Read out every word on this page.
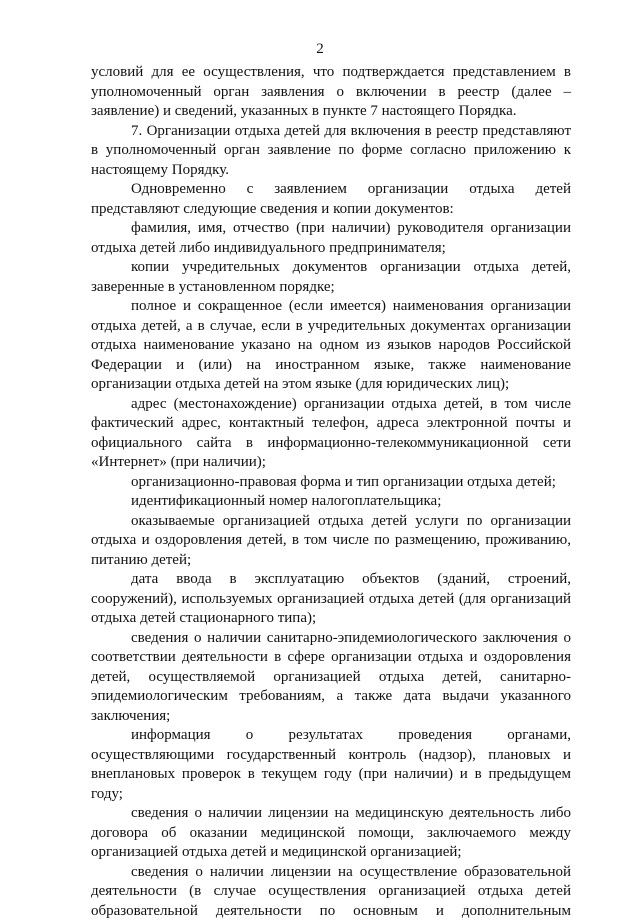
2

условий для ее осуществления, что подтверждается представлением в уполномоченный орган заявления о включении в реестр (далее – заявление) и сведений, указанных в пункте 7 настоящего Порядка.

7. Организации отдыха детей для включения в реестр представляют в уполномоченный орган заявление по форме согласно приложению к настоящему Порядку.

Одновременно с заявлением организации отдыха детей представляют следующие сведения и копии документов:

фамилия, имя, отчество (при наличии) руководителя организации отдыха детей либо индивидуального предпринимателя;

копии учредительных документов организации отдыха детей, заверенные в установленном порядке;

полное и сокращенное (если имеется) наименования организации отдыха детей, а в случае, если в учредительных документах организации отдыха наименование указано на одном из языков народов Российской Федерации и (или) на иностранном языке, также наименование организации отдыха детей на этом языке (для юридических лиц);

адрес (местонахождение) организации отдыха детей, в том числе фактический адрес, контактный телефон, адреса электронной почты и официального сайта в информационно-телекоммуникационной сети «Интернет» (при наличии);

организационно-правовая форма и тип организации отдыха детей;

идентификационный номер налогоплательщика;

оказываемые организацией отдыха детей услуги по организации отдыха и оздоровления детей, в том числе по размещению, проживанию, питанию детей;

дата ввода в эксплуатацию объектов (зданий, строений, сооружений), используемых организацией отдыха детей (для организаций отдыха детей стационарного типа);

сведения о наличии санитарно-эпидемиологического заключения о соответствии деятельности в сфере организации отдыха и оздоровления детей, осуществляемой организацией отдыха детей, санитарно-эпидемиологическим требованиям, а также дата выдачи указанного заключения;

информация о результатах проведения органами, осуществляющими государственный контроль (надзор), плановых и внеплановых проверок в текущем году (при наличии) и в предыдущем году;

сведения о наличии лицензии на медицинскую деятельность либо договора об оказании медицинской помощи, заключаемого между организацией отдыха детей и медицинской организацией;

сведения о наличии лицензии на осуществление образовательной деятельности (в случае осуществления организацией отдыха детей образовательной деятельности по основным и дополнительным
